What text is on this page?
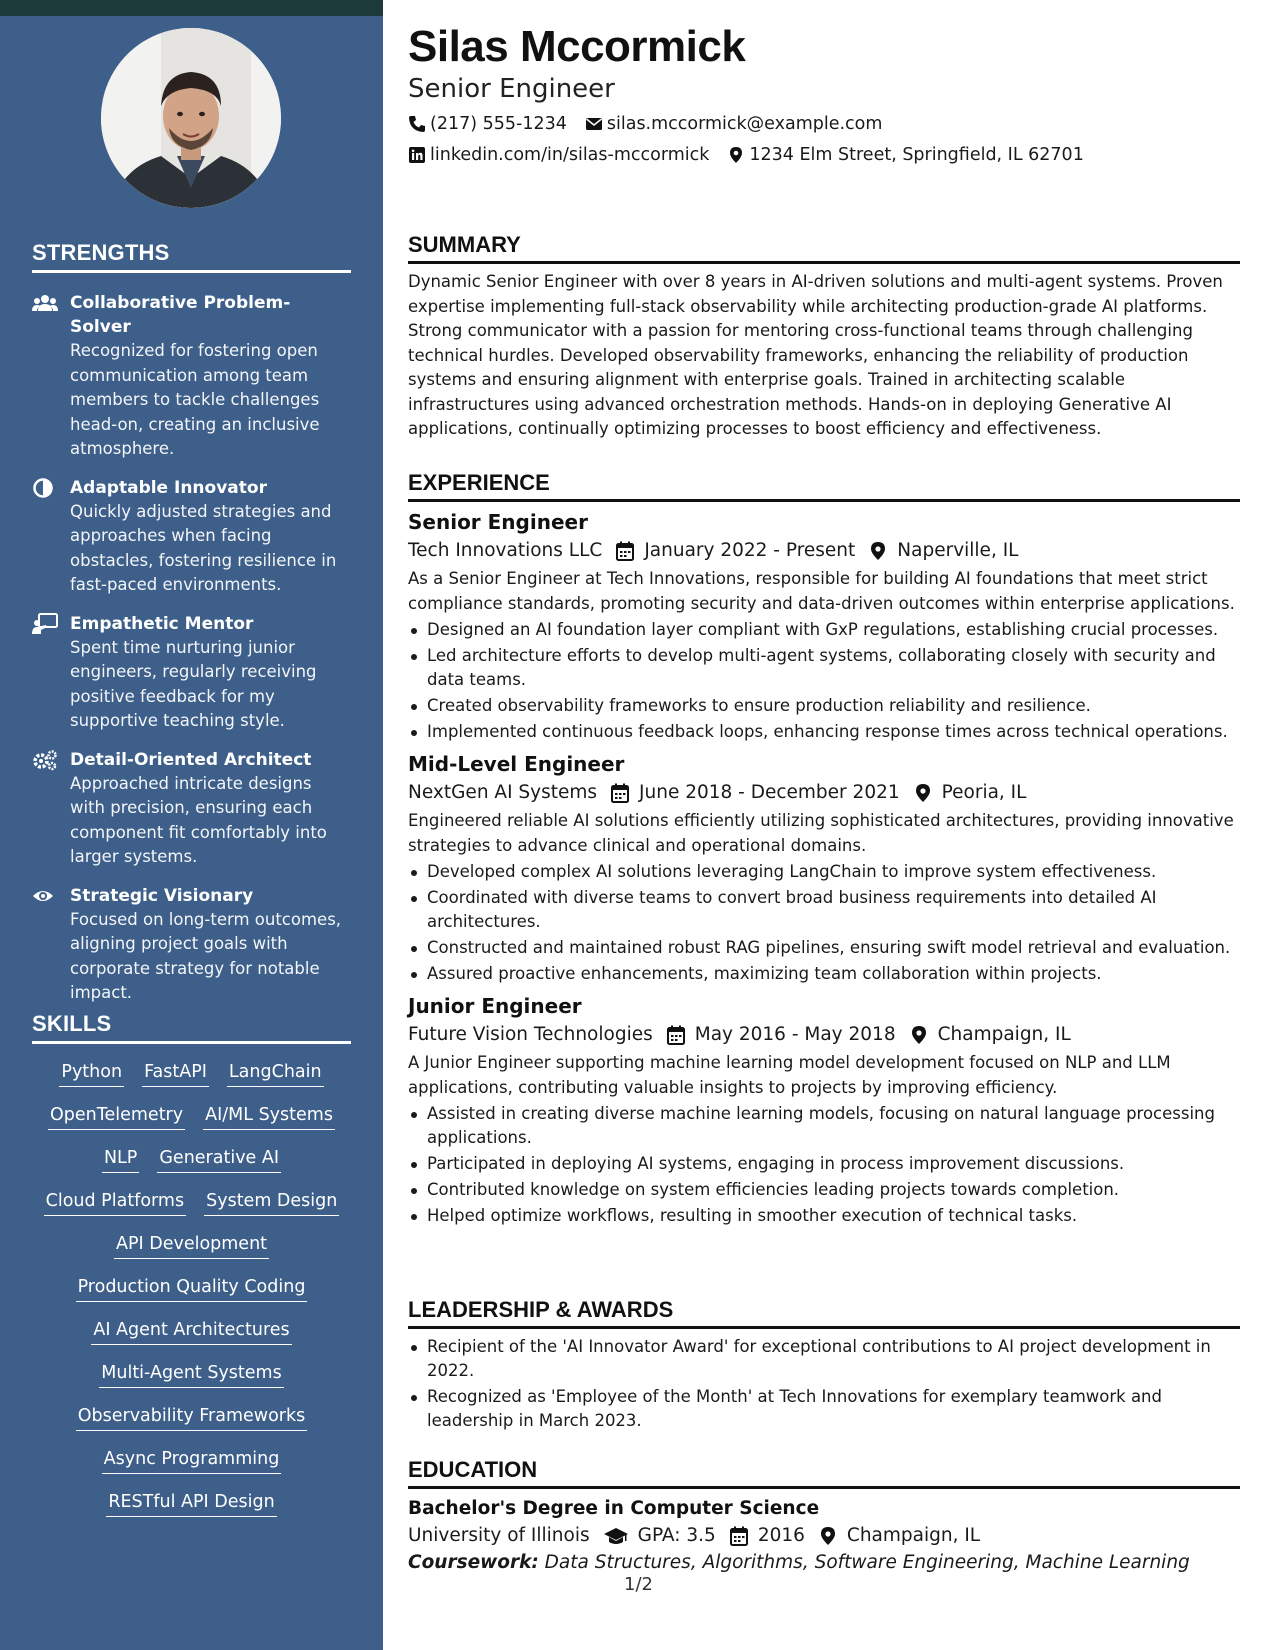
STRENGTHS
Collaborative Problem-Solver
Recognized for fostering open communication among team members to tackle challenges head-on, creating an inclusive atmosphere.
Adaptable Innovator
Quickly adjusted strategies and approaches when facing obstacles, fostering resilience in fast-paced environments.
Empathetic Mentor
Spent time nurturing junior engineers, regularly receiving positive feedback for my supportive teaching style.
Detail-Oriented Architect
Approached intricate designs with precision, ensuring each component fit comfortably into larger systems.
Strategic Visionary
Focused on long-term outcomes, aligning project goals with corporate strategy for notable impact.
SKILLS
Python FastAPI LangChain
OpenTelemetry AI/ML Systems
NLP Generative AI
Cloud Platforms System Design
API Development
Production Quality Coding
AI Agent Architectures
Multi-Agent Systems
Observability Frameworks
Async Programming
RESTful API Design
Silas Mccormick
Senior Engineer
(217) 555-1234 silas.mccormick@example.com
linkedin.com/in/silas-mccormick 1234 Elm Street, Springfield, IL 62701
SUMMARY
Dynamic Senior Engineer with over 8 years in AI-driven solutions and multi-agent systems. Proven expertise implementing full-stack observability while architecting production-grade AI platforms. Strong communicator with a passion for mentoring cross-functional teams through challenging technical hurdles. Developed observability frameworks, enhancing the reliability of production systems and ensuring alignment with enterprise goals. Trained in architecting scalable infrastructures using advanced orchestration methods. Hands-on in deploying Generative AI applications, continually optimizing processes to boost efficiency and effectiveness.
EXPERIENCE
Senior Engineer
Tech Innovations LLC January 2022 - Present Naperville, IL
As a Senior Engineer at Tech Innovations, responsible for building AI foundations that meet strict compliance standards, promoting security and data-driven outcomes within enterprise applications.
Designed an AI foundation layer compliant with GxP regulations, establishing crucial processes.
Led architecture efforts to develop multi-agent systems, collaborating closely with security and data teams.
Created observability frameworks to ensure production reliability and resilience.
Implemented continuous feedback loops, enhancing response times across technical operations.
Mid-Level Engineer
NextGen AI Systems June 2018 - December 2021 Peoria, IL
Engineered reliable AI solutions efficiently utilizing sophisticated architectures, providing innovative strategies to advance clinical and operational domains.
Developed complex AI solutions leveraging LangChain to improve system effectiveness.
Coordinated with diverse teams to convert broad business requirements into detailed AI architectures.
Constructed and maintained robust RAG pipelines, ensuring swift model retrieval and evaluation.
Assured proactive enhancements, maximizing team collaboration within projects.
Junior Engineer
Future Vision Technologies May 2016 - May 2018 Champaign, IL
A Junior Engineer supporting machine learning model development focused on NLP and LLM applications, contributing valuable insights to projects by improving efficiency.
Assisted in creating diverse machine learning models, focusing on natural language processing applications.
Participated in deploying AI systems, engaging in process improvement discussions.
Contributed knowledge on system efficiencies leading projects towards completion.
Helped optimize workflows, resulting in smoother execution of technical tasks.
LEADERSHIP & AWARDS
Recipient of the 'AI Innovator Award' for exceptional contributions to AI project development in 2022.
Recognized as 'Employee of the Month' at Tech Innovations for exemplary teamwork and leadership in March 2023.
EDUCATION
Bachelor's Degree in Computer Science
University of Illinois	GPA: 3.5 2016 Champaign, IL
Coursework: Data Structures, Algorithms, Software Engineering, Machine Learning
1/2
